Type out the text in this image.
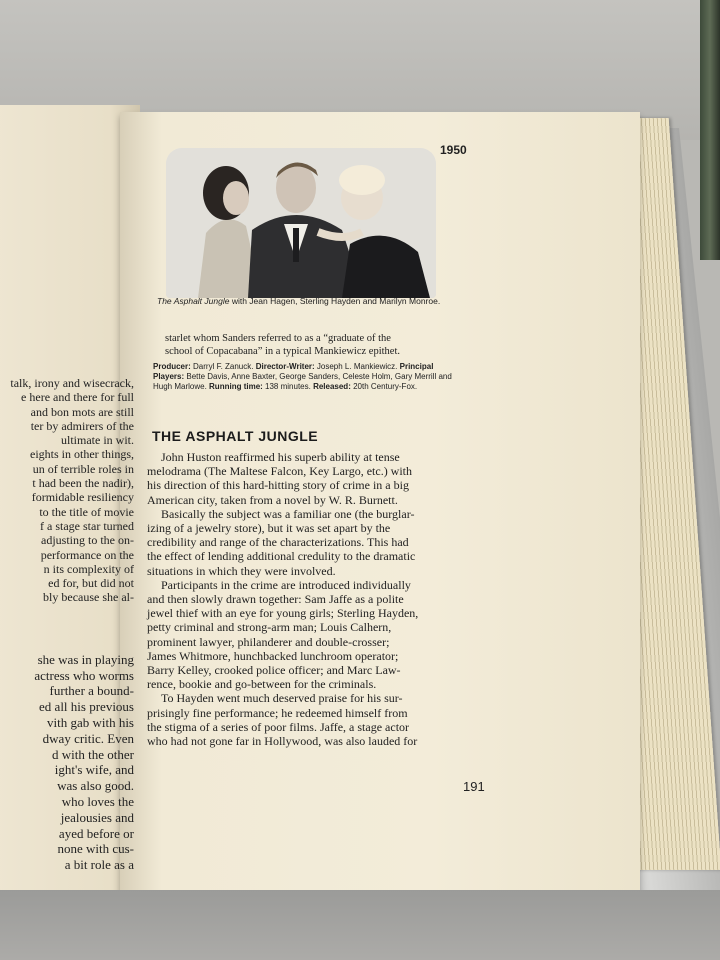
talk, irony and wisecrack,
e here and there for full
and bon mots are still
ter by admirers of the
ultimate in wit.
eights in other things,
un of terrible roles in
t had been the nadir),
formidable resiliency
to the title of movie
f a stage star turned
adjusting to the on-
performance on the
n its complexity of
ed for, but did not
bly because she al-
she was in playing
actress who worms
further a bound-
ed all his previous
vith gab with his
dway critic. Even
d with the other
ight's wife, and
was also good.
who loves the
jealousies and
ayed before or
none with cus-
a bit role as a
1950
The Asphalt Jungle with Jean Hagen, Sterling Hayden and Marilyn Monroe.
starlet whom Sanders referred to as a “graduate of the
school of Copacabana” in a typical Mankiewicz epithet.
Producer: Darryl F. Zanuck. Director-Writer: Joseph L. Mankiewicz. Principal Players: Bette Davis, Anne Baxter, George Sanders, Celeste Holm, Gary Merrill and Hugh Marlowe. Running time: 138 minutes. Released: 20th Century-Fox.
THE ASPHALT JUNGLE
John Huston reaffirmed his superb ability at tense
melodrama (The Maltese Falcon, Key Largo, etc.) with
his direction of this hard-hitting story of crime in a big
American city, taken from a novel by W. R. Burnett.
Basically the subject was a familiar one (the burglar-
izing of a jewelry store), but it was set apart by the
credibility and range of the characterizations. This had
the effect of lending additional credulity to the dramatic
situations in which they were involved.
Participants in the crime are introduced individually
and then slowly drawn together: Sam Jaffe as a polite
jewel thief with an eye for young girls; Sterling Hayden,
petty criminal and strong-arm man; Louis Calhern,
prominent lawyer, philanderer and double-crosser;
James Whitmore, hunchbacked lunchroom operator;
Barry Kelley, crooked police officer; and Marc Law-
rence, bookie and go-between for the criminals.
To Hayden went much deserved praise for his sur-
prisingly fine performance; he redeemed himself from
the stigma of a series of poor films. Jaffe, a stage actor
who had not gone far in Hollywood, was also lauded for
191
